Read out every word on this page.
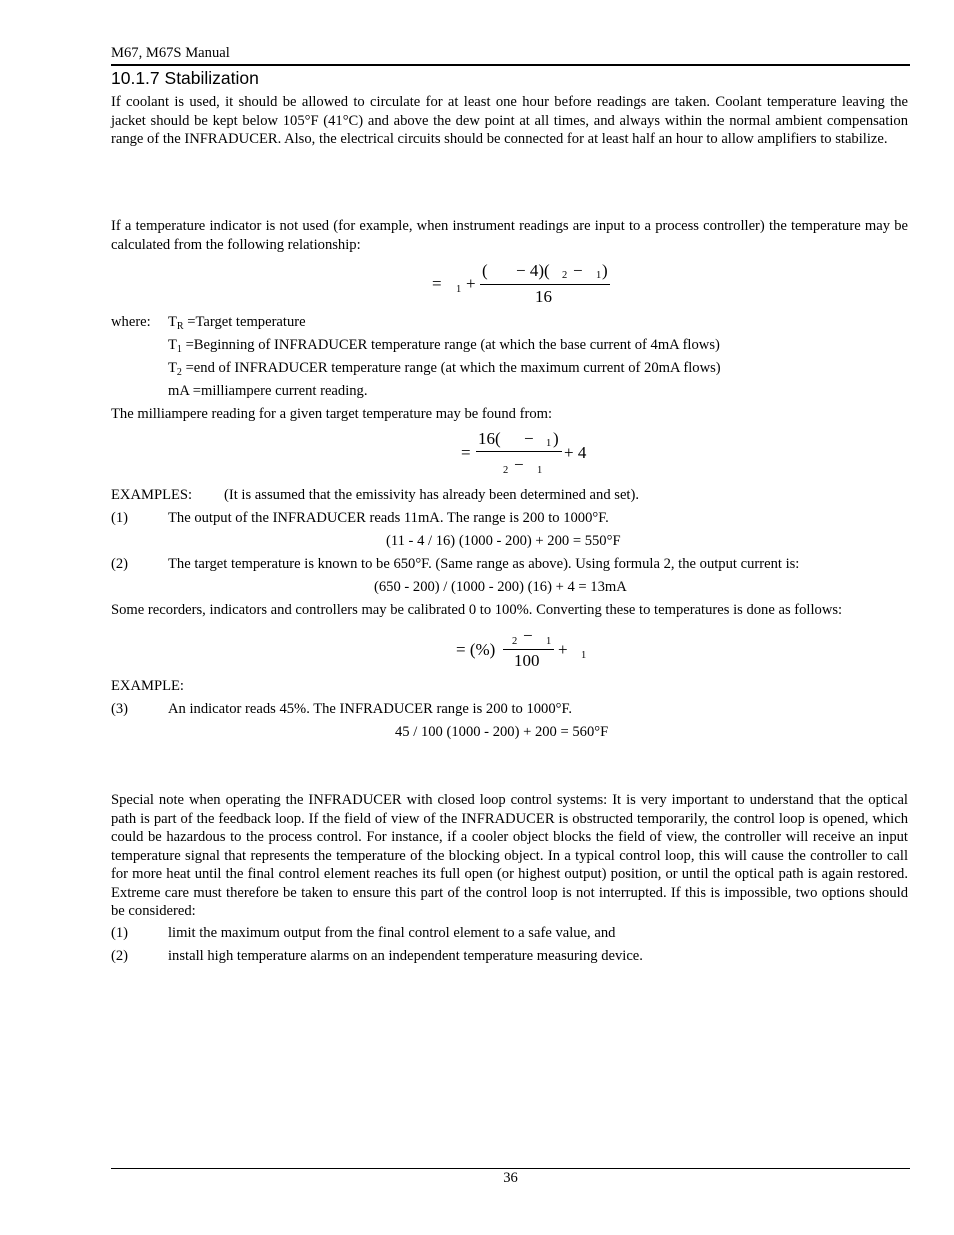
M67, M67S Manual
10.1.7 Stabilization

If coolant is used, it should be allowed to circulate for at least one hour before readings are taken. Coolant temperature leaving the jacket should be kept below 105°F (41°C) and above the dew point at all times, and always within the normal ambient compensation range of the INFRADUCER. Also, the electrical circuits should be connected for at least half an hour to allow amplifiers to stabilize.

If a temperature indicator is not used (for example, when instrument readings are input to a process controller) the temperature may be calculated from the following relationship:

= 1 +
( − 4)( 2 − 1 )
16
where: $T_R$ =Target temperature
$T_1$ =Beginning of INFRADUCER temperature range (at which the base current of 4mA flows)
$T_2 =end$ of INFRADUCER temperature range (at which the maximum current of 20mA flows)
mA =milliampere current reading.
The milliampere reading for a given target temperature may be found from:
=
16( − 1 )
2 − 1
+ 4
EXAMPLES: (It is assumed that the emissivity has already been determined and set).
(1)	The output of the INFRADUCER reads 11mA. The range is 200 to 1000°F.
(11 - 4 / 16) (1000 - 200) + 200 = 550°F
(2)	The target temperature is known to be 650°F. (Same range as above). Using formula 2, the output current is:
(650 - 200) / (1000 - 200) (16) + 4 = 13mA
Some recorders, indicators and controllers may be calibrated 0 to 100%. Converting these to temperatures is done as follows:
= (%) 2 − 1
100
+ 1
EXAMPLE:
(3)	An indicator reads 45%. The INFRADUCER range is 200 to 1000°F.
45 / 100 (1000 - 200) + 200 = 560°F

Special note when operating the INFRADUCER with closed loop control systems: It is very important to understand that the optical path is part of the feedback loop. If the field of view of the INFRADUCER is obstructed temporarily, the control loop is opened, which could be hazardous to the process control. For instance, if a cooler object blocks the field of view, the controller will receive an input temperature signal that represents the temperature of the blocking object. In a typical control loop, this will cause the controller to call for more heat until the final control element reaches its full open (or highest output) position, or until the optical path is again restored. Extreme care must therefore be taken to ensure this part of the control loop is not interrupted. If this is impossible, two options should be considered:

(1)	limit the maximum output from the final control element to a safe value, and
(2)	install high temperature alarms on an independent temperature measuring device.
36
